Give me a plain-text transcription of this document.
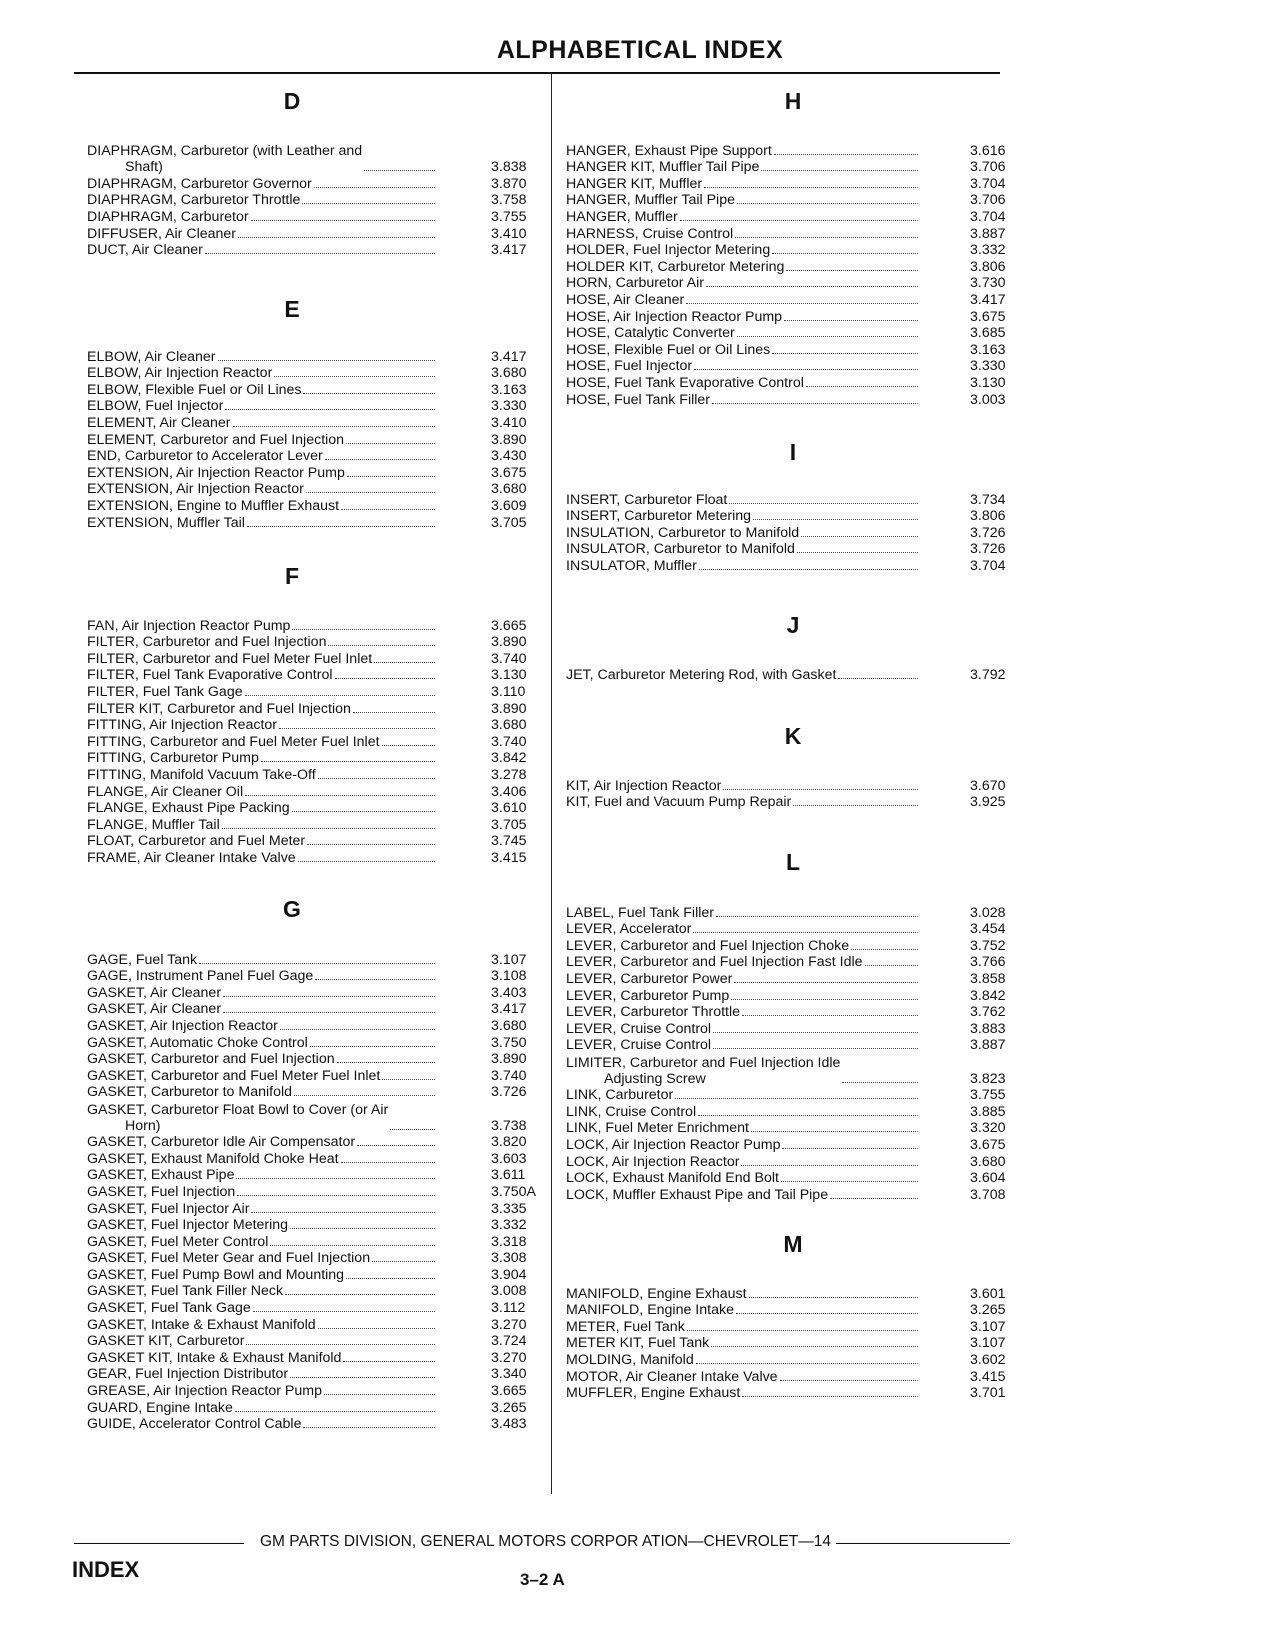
ALPHABETICAL INDEX
D
DIAPHRAGM, Carburetor (with Leather and
Shaft)	3.838
DIAPHRAGM, Carburetor Governor	3.870
DIAPHRAGM, Carburetor Throttle	3.758
DIAPHRAGM, Carburetor	3.755
DIFFUSER, Air Cleaner	3.410
DUCT, Air Cleaner	3.417
E
ELBOW, Air Cleaner	3.417
ELBOW, Air Injection Reactor	3.680
ELBOW, Flexible Fuel or Oil Lines	3.163
ELBOW, Fuel Injector	3.330
ELEMENT, Air Cleaner	3.410
ELEMENT, Carburetor and Fuel Injection	3.890
END, Carburetor to Accelerator Lever	3.430
EXTENSION, Air Injection Reactor Pump	3.675
EXTENSION, Air Injection Reactor	3.680
EXTENSION, Engine to Muffler Exhaust	3.609
EXTENSION, Muffler Tail	3.705
F
FAN, Air Injection Reactor Pump	3.665
FILTER, Carburetor and Fuel Injection	3.890
FILTER, Carburetor and Fuel Meter Fuel Inlet	3.740
FILTER, Fuel Tank Evaporative Control	3.130
FILTER, Fuel Tank Gage	3.110
FILTER KIT, Carburetor and Fuel Injection	3.890
FITTING, Air Injection Reactor	3.680
FITTING, Carburetor and Fuel Meter Fuel Inlet	3.740
FITTING, Carburetor Pump	3.842
FITTING, Manifold Vacuum Take-Off	3.278
FLANGE, Air Cleaner Oil	3.406
FLANGE, Exhaust Pipe Packing	3.610
FLANGE, Muffler Tail	3.705
FLOAT, Carburetor and Fuel Meter	3.745
FRAME, Air Cleaner Intake Valve	3.415
G
GAGE, Fuel Tank	3.107
GAGE, Instrument Panel Fuel Gage	3.108
GASKET, Air Cleaner	3.403
GASKET, Air Cleaner	3.417
GASKET, Air Injection Reactor	3.680
GASKET, Automatic Choke Control	3.750
GASKET, Carburetor and Fuel Injection	3.890
GASKET, Carburetor and Fuel Meter Fuel Inlet	3.740
GASKET, Carburetor to Manifold	3.726
GASKET, Carburetor Float Bowl to Cover (or Air
Horn)	3.738
GASKET, Carburetor Idle Air Compensator	3.820
GASKET, Exhaust Manifold Choke Heat	3.603
GASKET, Exhaust Pipe	3.611
GASKET, Fuel Injection	3.750A
GASKET, Fuel Injector Air	3.335
GASKET, Fuel Injector Metering	3.332
GASKET, Fuel Meter Control	3.318
GASKET, Fuel Meter Gear and Fuel Injection	3.308
GASKET, Fuel Pump Bowl and Mounting	3.904
GASKET, Fuel Tank Filler Neck	3.008
GASKET, Fuel Tank Gage	3.112
GASKET, Intake & Exhaust Manifold	3.270
GASKET KIT, Carburetor	3.724
GASKET KIT, Intake & Exhaust Manifold	3.270
GEAR, Fuel Injection Distributor	3.340
GREASE, Air Injection Reactor Pump	3.665
GUARD, Engine Intake	3.265
GUIDE, Accelerator Control Cable	3.483
H
HANGER, Exhaust Pipe Support	3.616
HANGER KIT, Muffler Tail Pipe	3.706
HANGER KIT, Muffler	3.704
HANGER, Muffler Tail Pipe	3.706
HANGER, Muffler	3.704
HARNESS, Cruise Control	3.887
HOLDER, Fuel Injector Metering	3.332
HOLDER KIT, Carburetor Metering	3.806
HORN, Carburetor Air	3.730
HOSE, Air Cleaner	3.417
HOSE, Air Injection Reactor Pump	3.675
HOSE, Catalytic Converter	3.685
HOSE, Flexible Fuel or Oil Lines	3.163
HOSE, Fuel Injector	3.330
HOSE, Fuel Tank Evaporative Control	3.130
HOSE, Fuel Tank Filler	3.003
I
INSERT, Carburetor Float	3.734
INSERT, Carburetor Metering	3.806
INSULATION, Carburetor to Manifold	3.726
INSULATOR, Carburetor to Manifold	3.726
INSULATOR, Muffler	3.704
J
JET, Carburetor Metering Rod, with Gasket	3.792
K
KIT, Air Injection Reactor	3.670
KIT, Fuel and Vacuum Pump Repair	3.925
L
LABEL, Fuel Tank Filler	3.028
LEVER, Accelerator	3.454
LEVER, Carburetor and Fuel Injection Choke	3.752
LEVER, Carburetor and Fuel Injection Fast Idle	3.766
LEVER, Carburetor Power	3.858
LEVER, Carburetor Pump	3.842
LEVER, Carburetor Throttle	3.762
LEVER, Cruise Control	3.883
LEVER, Cruise Control	3.887
LIMITER, Carburetor and Fuel Injection Idle
Adjusting Screw	3.823
LINK, Carburetor	3.755
LINK, Cruise Control	3.885
LINK, Fuel Meter Enrichment	3.320
LOCK, Air Injection Reactor Pump	3.675
LOCK, Air Injection Reactor	3.680
LOCK, Exhaust Manifold End Bolt	3.604
LOCK, Muffler Exhaust Pipe and Tail Pipe	3.708
M
MANIFOLD, Engine Exhaust	3.601
MANIFOLD, Engine Intake	3.265
METER, Fuel Tank	3.107
METER KIT, Fuel Tank	3.107
MOLDING, Manifold	3.602
MOTOR, Air Cleaner Intake Valve	3.415
MUFFLER, Engine Exhaust	3.701
GM PARTS DIVISION, GENERAL MOTORS CORPOR ATION—CHEVROLET—14
INDEX	3–2 A
